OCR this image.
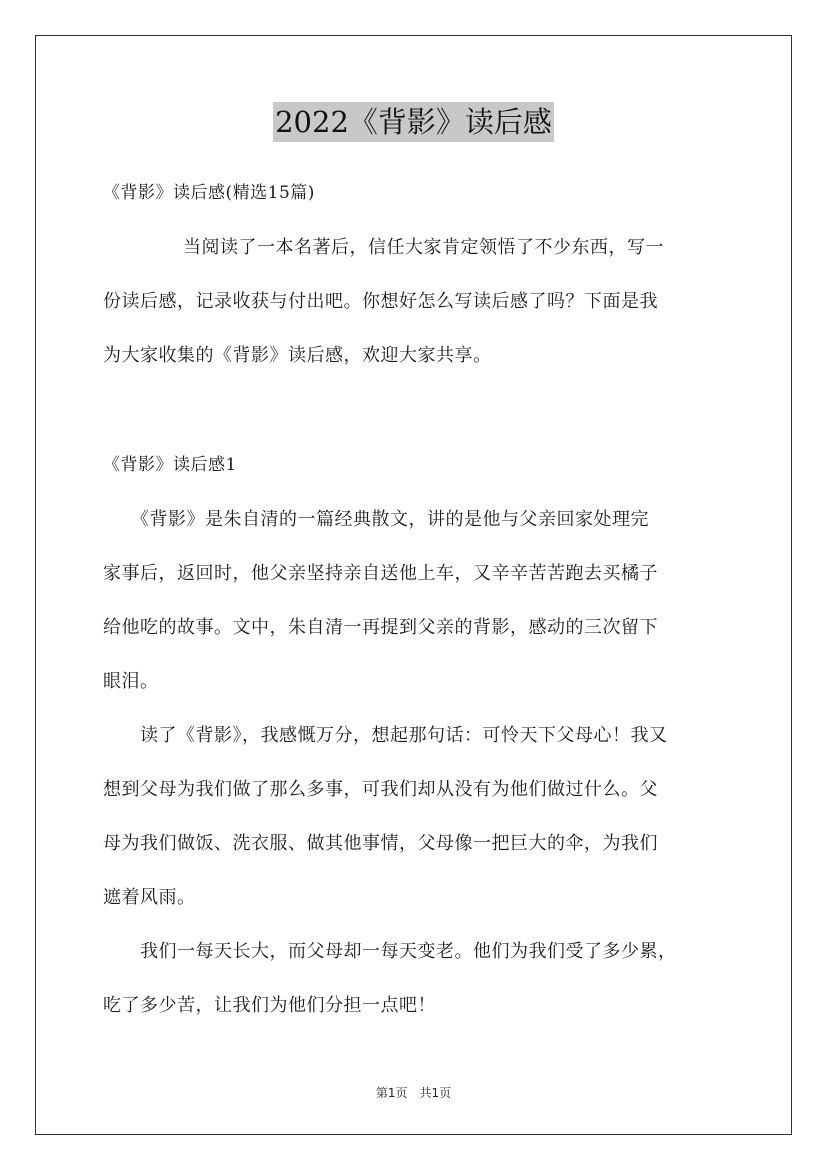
2022《背影》读后感
《背影》读后感(精选15篇)
　　当阅读了一本名著后，信任大家肯定领悟了不少东西，写一
份读后感，记录收获与付出吧。你想好怎么写读后感了吗？下面是我
为大家收集的《背影》读后感，欢迎大家共享。
《背影》读后感1
　　《背影》是朱自清的一篇经典散文，讲的是他与父亲回家处理完
家事后，返回时，他父亲坚持亲自送他上车，又辛辛苦苦跑去买橘子
给他吃的故事。文中，朱自清一再提到父亲的背影，感动的三次留下
眼泪。
　　读了《背影》，我感慨万分，想起那句话：可怜天下父母心！我又
想到父母为我们做了那么多事，可我们却从没有为他们做过什么。父
母为我们做饭、洗衣服、做其他事情，父母像一把巨大的伞，为我们
遮着风雨。
　　我们一每天长大，而父母却一每天变老。他们为我们受了多少累，
吃了多少苦，让我们为他们分担一点吧！
第1页　共1页
